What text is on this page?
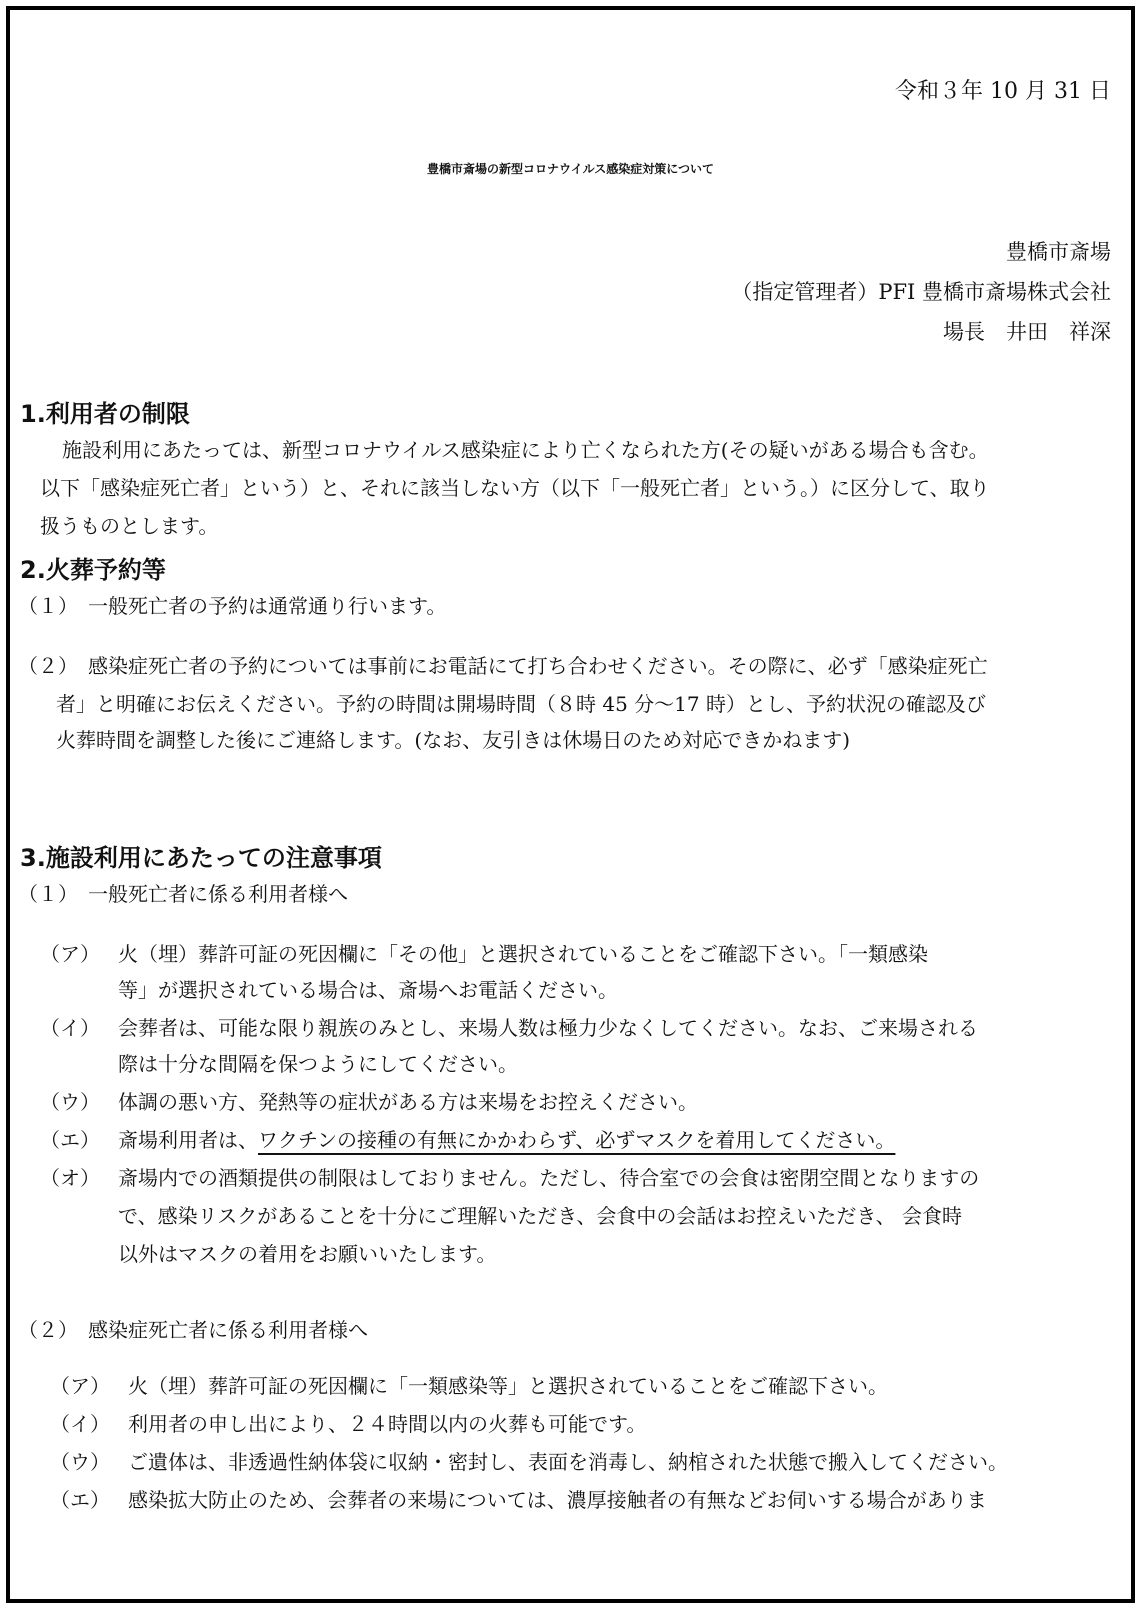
令和３年 10 月 31 日
豊橋市斎場の新型コロナウイルス感染症対策について
豊橋市斎場
（指定管理者）PFI 豊橋市斎場株式会社
場長　井田　祥深
1.利用者の制限
施設利用にあたっては、新型コロナウイルス感染症により亡くなられた方(その疑いがある場合も含む。
以下「感染症死亡者」という）と、それに該当しない方（以下「一般死亡者」という。）に区分して、取り
扱うものとします。
2.火葬予約等
（１） 一般死亡者の予約は通常通り行います。
（２） 感染症死亡者の予約については事前にお電話にて打ち合わせください。その際に、必ず「感染症死亡
者」と明確にお伝えください。予約の時間は開場時間（８時 45 分～17 時）とし、予約状況の確認及び
火葬時間を調整した後にご連絡します。(なお、友引きは休場日のため対応できかねます)
3.施設利用にあたっての注意事項
（１） 一般死亡者に係る利用者様へ
（ア） 火（埋）葬許可証の死因欄に「その他」と選択されていることをご確認下さい。「一類感染
等」が選択されている場合は、斎場へお電話ください。
（イ） 会葬者は、可能な限り親族のみとし、来場人数は極力少なくしてください。なお、ご来場される
際は十分な間隔を保つようにしてください。
（ウ） 体調の悪い方、発熱等の症状がある方は来場をお控えください。
（エ） 斎場利用者は、ワクチンの接種の有無にかかわらず、必ずマスクを着用してください。
（オ） 斎場内での酒類提供の制限はしておりません。ただし、待合室での会食は密閉空間となりますの
で、感染リスクがあることを十分にご理解いただき、会食中の会話はお控えいただき、 会食時
以外はマスクの着用をお願いいたします。
（２） 感染症死亡者に係る利用者様へ
（ア） 火（埋）葬許可証の死因欄に「一類感染等」と選択されていることをご確認下さい。
（イ） 利用者の申し出により、２４時間以内の火葬も可能です。
（ウ） ご遺体は、非透過性納体袋に収納・密封し、表面を消毒し、納棺された状態で搬入してください。
（エ） 感染拡大防止のため、会葬者の来場については、濃厚接触者の有無などお伺いする場合がありま
